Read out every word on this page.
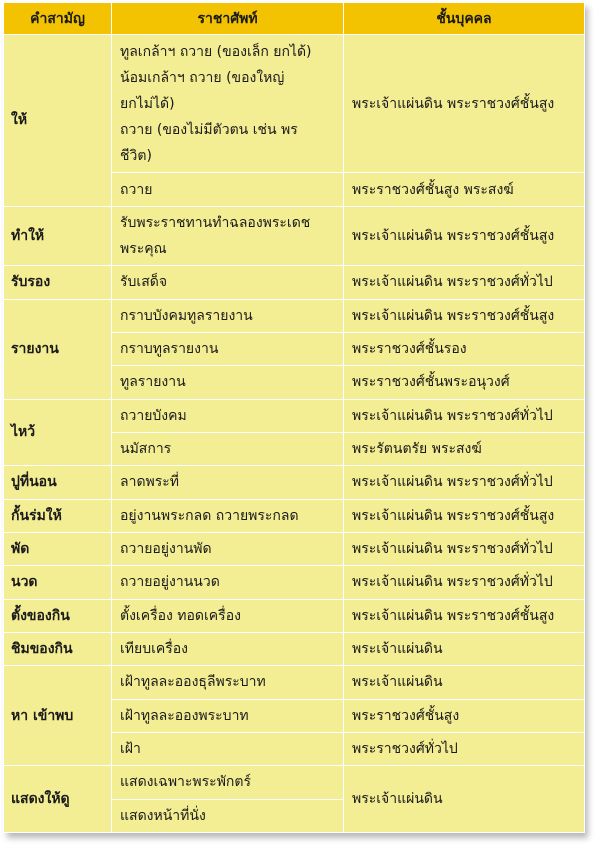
คำสามัญ	ราชาศัพท์	ชั้นบุคคล
ให้	ทูลเกล้าฯ ถวาย (ของเล็ก ยกได้)
น้อมเกล้าฯ ถวาย (ของใหญ่
ยกไม่ได้)
ถวาย (ของไม่มีตัวตน เช่น พร
ชีวิต)	พระเจ้าแผ่นดิน พระราชวงศ์ชั้นสูง

	ถวาย	พระราชวงศ์ชั้นสูง พระสงฆ์
ทำให้	รับพระราชทานทำฉลองพระเดช
พระคุณ	พระเจ้าแผ่นดิน พระราชวงศ์ชั้นสูง
รับรอง	รับเสด็จ	พระเจ้าแผ่นดิน พระราชวงศ์ทั่วไป
รายงาน	กราบบังคมทูลรายงาน	พระเจ้าแผ่นดิน พระราชวงศ์ชั้นสูง

	กราบทูลรายงาน	พระราชวงศ์ชั้นรอง

	ทูลรายงาน	พระราชวงศ์ชั้นพระอนุวงศ์
ไหว้	ถวายบังคม	พระเจ้าแผ่นดิน พระราชวงศ์ทั่วไป

	นมัสการ	พระรัตนตรัย พระสงฆ์
ปูที่นอน	ลาดพระที่	พระเจ้าแผ่นดิน พระราชวงศ์ทั่วไป
กั้นร่มให้	อยู่งานพระกลด ถวายพระกลด	พระเจ้าแผ่นดิน พระราชวงศ์ชั้นสูง
พัด	ถวายอยู่งานพัด	พระเจ้าแผ่นดิน พระราชวงศ์ทั่วไป
นวด	ถวายอยู่งานนวด	พระเจ้าแผ่นดิน พระราชวงศ์ทั่วไป
ตั้งของกิน	ตั้งเครื่อง ทอดเครื่อง	พระเจ้าแผ่นดิน พระราชวงศ์ชั้นสูง
ชิมของกิน	เทียบเครื่อง	พระเจ้าแผ่นดิน
หา เข้าพบ	เฝ้าทูลละอองธุลีพระบาท	พระเจ้าแผ่นดิน

	เฝ้าทูลละอองพระบาท	พระราชวงศ์ชั้นสูง

	เฝ้า	พระราชวงศ์ทั่วไป
แสดงให้ดู	แสดงเฉพาะพระพักตร์	พระเจ้าแผ่นดิน

	แสดงหน้าที่นั่ง	
